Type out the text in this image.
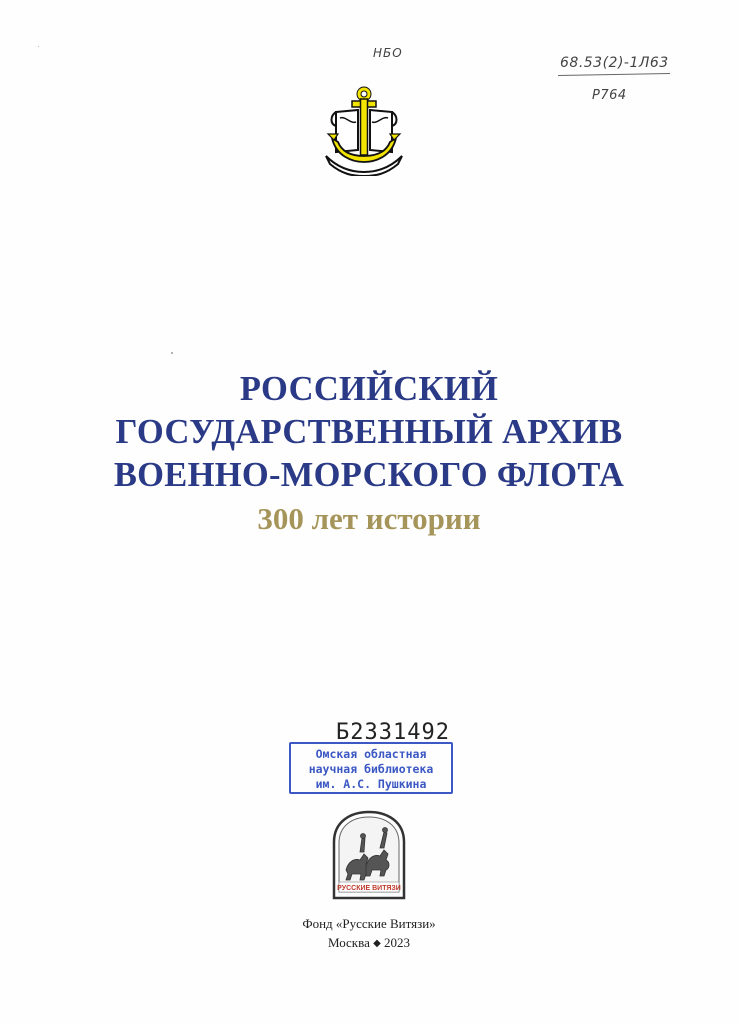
НБО
68.53(2)-1Л63
Р764
РОССИЙСКИЙ
ГОСУДАРСТВЕННЫЙ АРХИВ
ВОЕННО-МОРСКОГО ФЛОТА
300 лет истории
Б2331492
Омская областная
научная библиотека
им. А.С. Пушкина
РУССКИЕ ВИТЯЗИ
Фонд «Русские Витязи»
Москва ◆ 2023
